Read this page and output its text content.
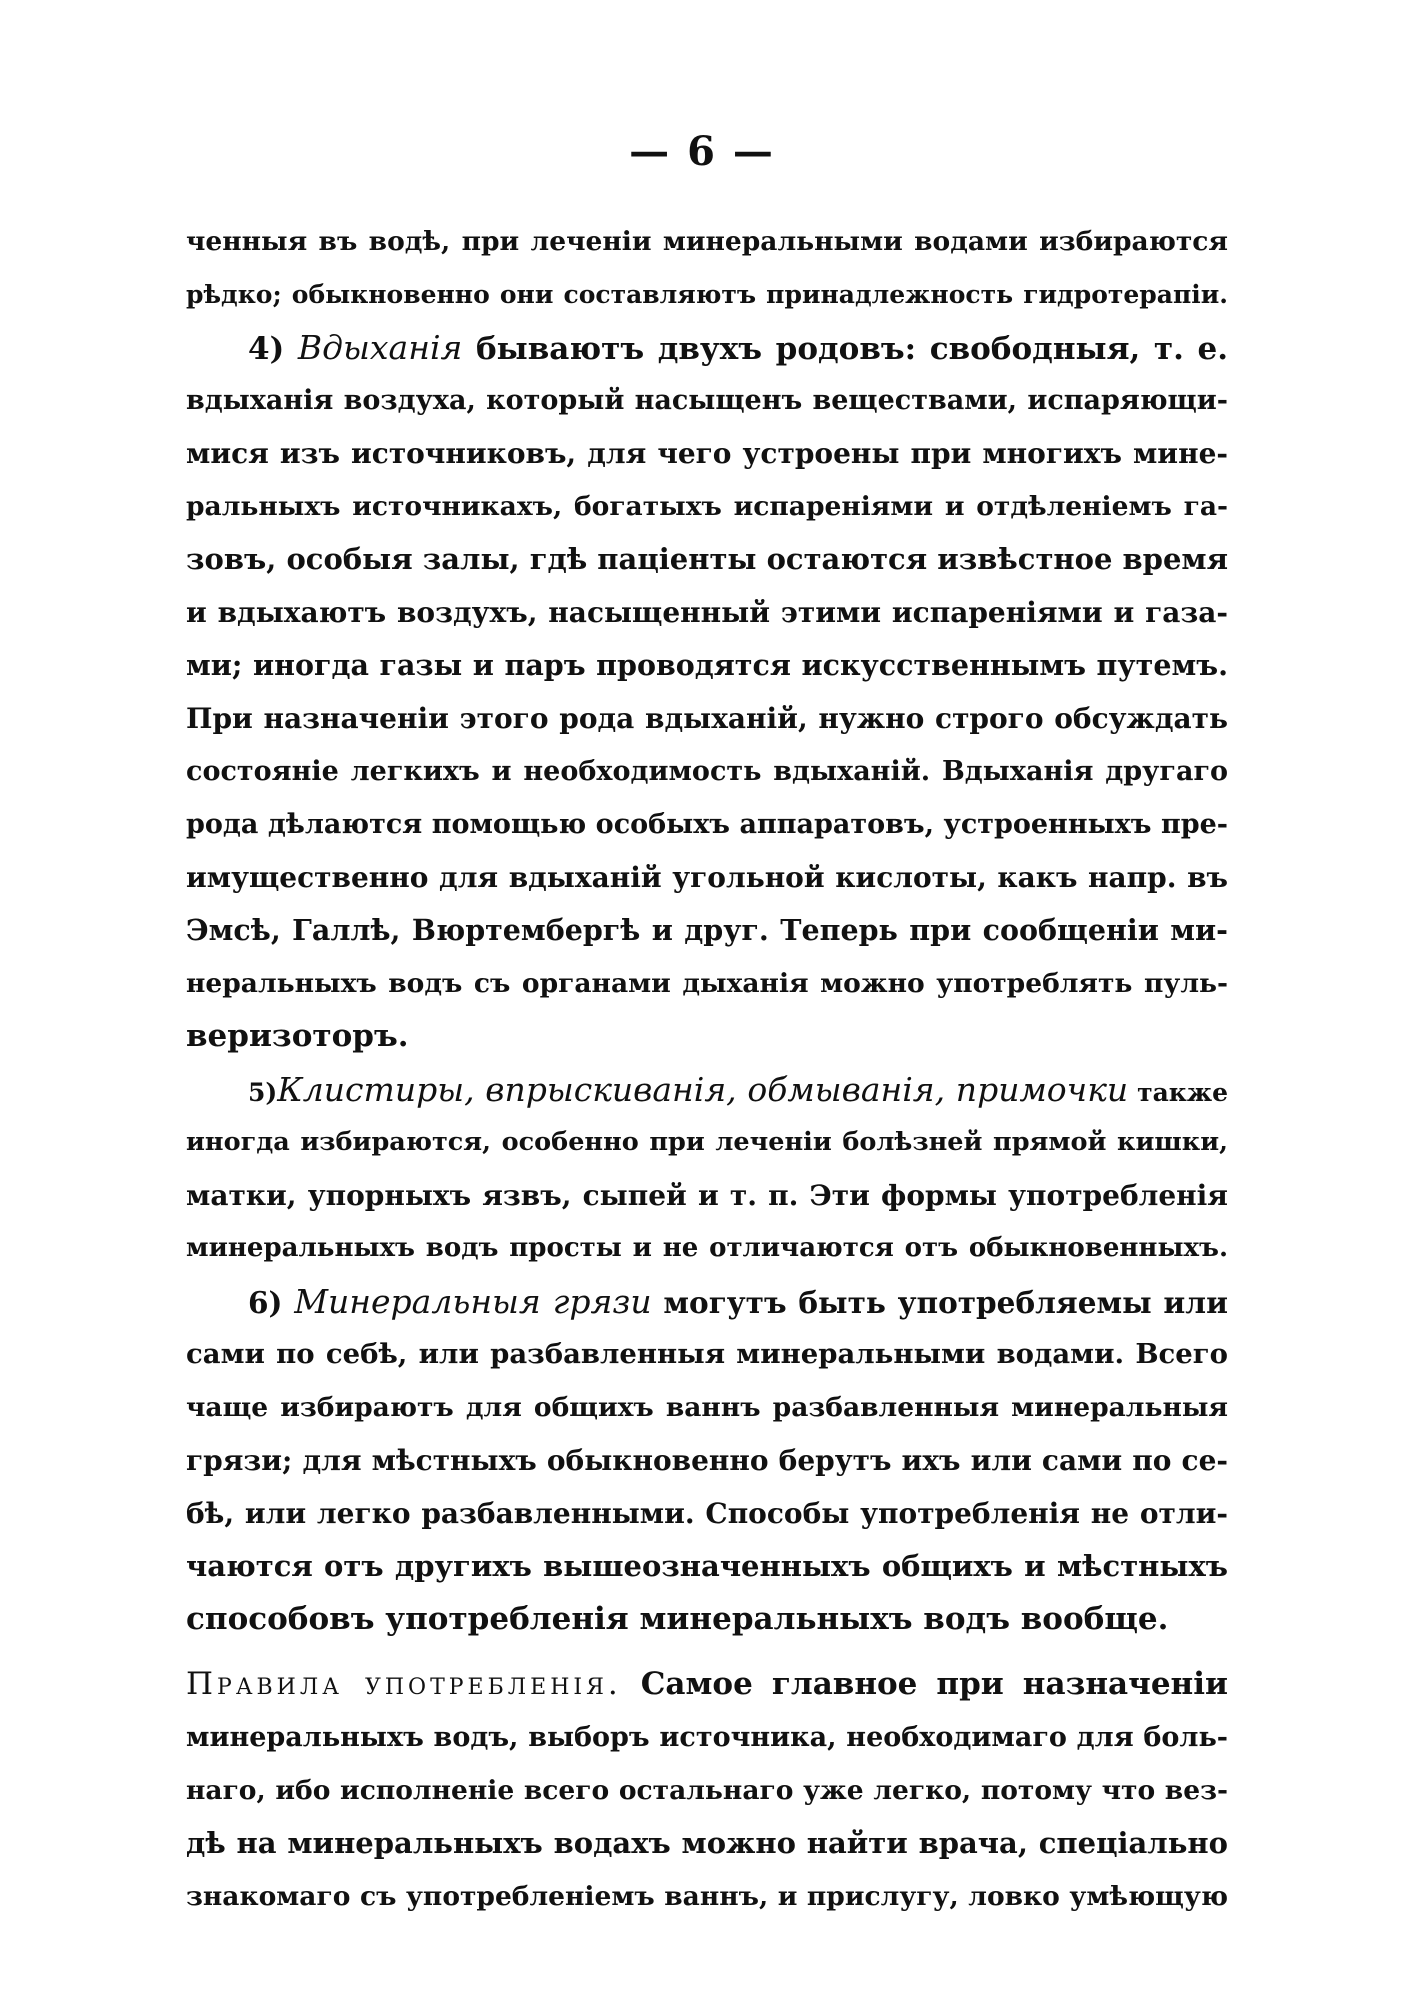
— 6 —
ченныя въ водѣ, при леченіи минеральными водами избираются
рѣдко; обыкновенно они составляютъ принадлежность гидротерапіи.
4) Вдыханія бываютъ двухъ родовъ: свободныя, т. е.
вдыханія воздуха, который насыщенъ веществами, испаряющи-
мися изъ источниковъ, для чего устроены при многихъ мине-
ральныхъ источникахъ, богатыхъ испареніями и отдѣленіемъ га-
зовъ, особыя залы, гдѣ паціенты остаются извѣстное время
и вдыхаютъ воздухъ, насыщенный этими испареніями и газа-
ми; иногда газы и паръ проводятся искусственнымъ путемъ.
При назначеніи этого рода вдыханій, нужно строго обсуждать
состояніе легкихъ и необходимость вдыханій. Вдыханія другаго
рода дѣлаются помощью особыхъ аппаратовъ, устроенныхъ пре-
имущественно для вдыханій угольной кислоты, какъ напр. въ
Эмсѣ, Галлѣ, Вюртембергѣ и друг. Теперь при сообщеніи ми-
неральныхъ водъ съ органами дыханія можно употреблять пуль-
веризоторъ.
5)Клистиры, впрыскиванія, обмыванія, примочки также
иногда избираются, особенно при леченіи болѣзней прямой кишки,
матки, упорныхъ язвъ, сыпей и т. п. Эти формы употребленія
минеральныхъ водъ просты и не отличаются отъ обыкновенныхъ.
6) Минеральныя грязи могутъ быть употребляемы или
сами по себѣ, или разбавленныя минеральными водами. Всего
чаще избираютъ для общихъ ваннъ разбавленныя минеральныя
грязи; для мѣстныхъ обыкновенно берутъ ихъ или сами по се-
бѣ, или легко разбавленными. Способы употребленія не отли-
чаются отъ другихъ вышеозначенныхъ общихъ и мѣстныхъ
способовъ употребленія минеральныхъ водъ вообще.
Правила употребленія. Самое главное при назначеніи
минеральныхъ водъ, выборъ источника, необходимаго для боль-
наго, ибо исполненіе всего остальнаго уже легко, потому что вез-
дѣ на минеральныхъ водахъ можно найти врача, спеціально
знакомаго съ употребленіемъ ваннъ, и прислугу, ловко умѣющую
